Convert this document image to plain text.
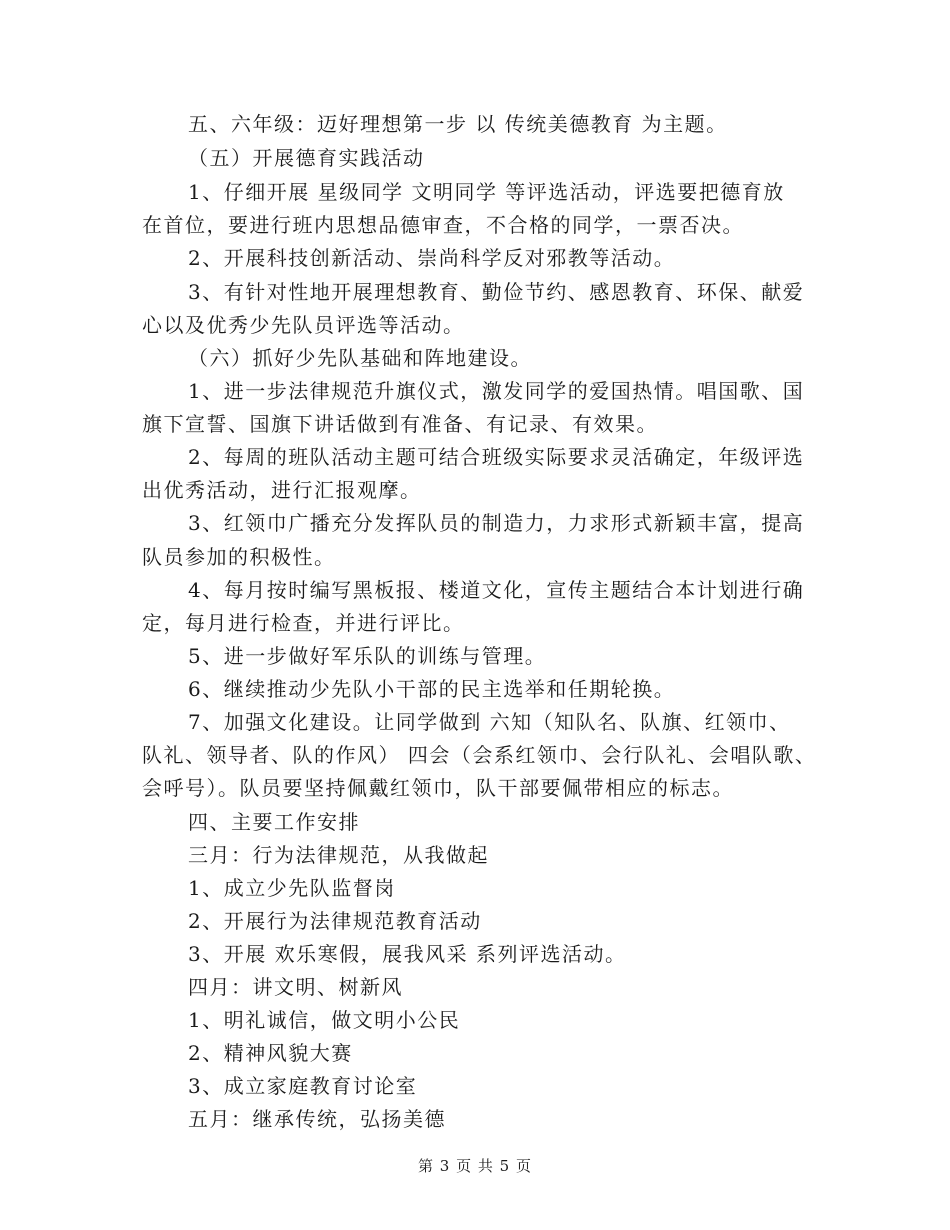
五、六年级：迈好理想第一步 以 传统美德教育 为主题。
（五）开展德育实践活动
1、仔细开展 星级同学 文明同学 等评选活动，评选要把德育放
在首位，要进行班内思想品德审查，不合格的同学，一票否决。
2、开展科技创新活动、崇尚科学反对邪教等活动。
3、有针对性地开展理想教育、勤俭节约、感恩教育、环保、献爱
心以及优秀少先队员评选等活动。
（六）抓好少先队基础和阵地建设。
1、进一步法律规范升旗仪式，激发同学的爱国热情。唱国歌、国
旗下宣誓、国旗下讲话做到有准备、有记录、有效果。
2、每周的班队活动主题可结合班级实际要求灵活确定，年级评选
出优秀活动，进行汇报观摩。
3、红领巾广播充分发挥队员的制造力，力求形式新颖丰富，提高
队员参加的积极性。
4、每月按时编写黑板报、楼道文化，宣传主题结合本计划进行确
定，每月进行检查，并进行评比。
5、进一步做好军乐队的训练与管理。
6、继续推动少先队小干部的民主选举和任期轮换。
7、加强文化建设。让同学做到 六知（知队名、队旗、红领巾、
队礼、领导者、队的作风） 四会（会系红领巾、会行队礼、会唱队歌、
会呼号）。队员要坚持佩戴红领巾，队干部要佩带相应的标志。
四、主要工作安排
三月：行为法律规范，从我做起
1、成立少先队监督岗
2、开展行为法律规范教育活动
3、开展 欢乐寒假，展我风采 系列评选活动。
四月：讲文明、树新风
1、明礼诚信，做文明小公民
2、精神风貌大赛
3、成立家庭教育讨论室
五月：继承传统，弘扬美德
第 3 页 共 5 页
